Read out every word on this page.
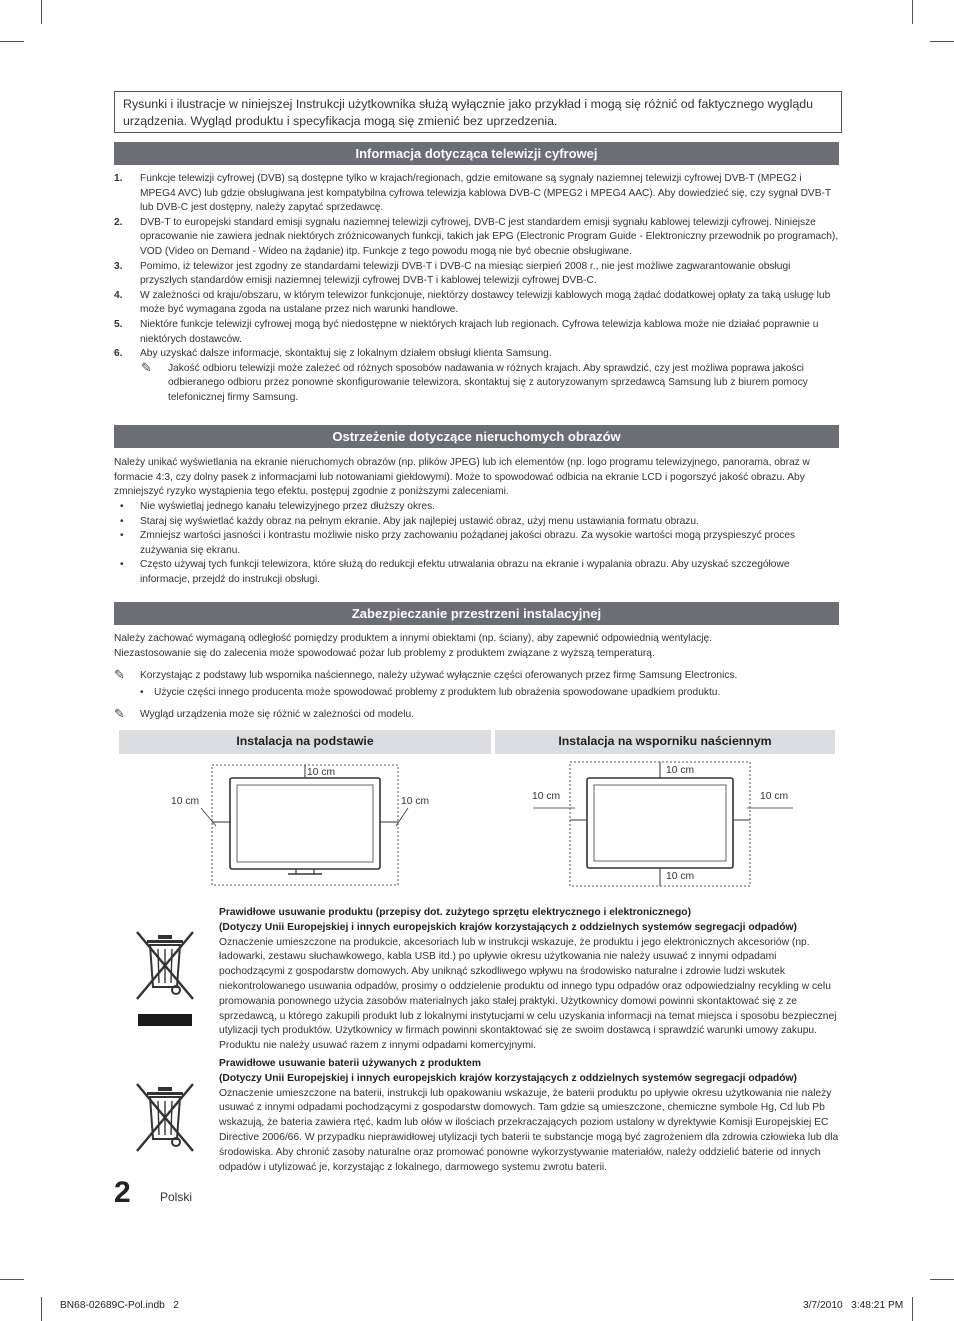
Rysunki i ilustracje w niniejszej Instrukcji użytkownika służą wyłącznie jako przykład i mogą się różnić od faktycznego wyglądu urządzenia. Wygląd produktu i specyfikacja mogą się zmienić bez uprzedzenia.
Informacja dotycząca telewizji cyfrowej
1. Funkcje telewizji cyfrowej (DVB) są dostępne tylko w krajach/regionach, gdzie emitowane są sygnały naziemnej telewizji cyfrowej DVB-T (MPEG2 i MPEG4 AVC) lub gdzie obsługiwana jest kompatybilna cyfrowa telewizja kablowa DVB-C (MPEG2 i MPEG4 AAC). Aby dowiedzieć się, czy sygnał DVB-T lub DVB-C jest dostępny, należy zapytać sprzedawcę.
2. DVB-T to europejski standard emisji sygnału naziemnej telewizji cyfrowej, DVB-C jest standardem emisji sygnału kablowej telewizji cyfrowej. Niniejsze opracowanie nie zawiera jednak niektórych zróżnicowanych funkcji, takich jak EPG (Electronic Program Guide - Elektroniczny przewodnik po programach), VOD (Video on Demand - Wideo na żądanie) itp. Funkcje z tego powodu mogą nie być obecnie obsługiwane.
3. Pomimo, iż telewizor jest zgodny ze standardami telewizji DVB-T i DVB-C na miesiąc sierpień 2008 r., nie jest możliwe zagwarantowanie obsługi przyszłych standardów emisji naziemnej telewizji cyfrowej DVB-T i kablowej telewizji cyfrowej DVB-C.
4. W zależności od kraju/obszaru, w którym telewizor funkcjonuje, niektórzy dostawcy telewizji kablowych mogą żądać dodatkowej opłaty za taką usługę lub może być wymagana zgoda na ustalane przez nich warunki handlowe.
5. Niektóre funkcje telewizji cyfrowej mogą być niedostępne w niektórych krajach lub regionach. Cyfrowa telewizja kablowa może nie działać poprawnie u niektórych dostawców.
6. Aby uzyskać dalsze informacje, skontaktuj się z lokalnym działem obsługi klienta Samsung.
✎ Jakość odbioru telewizji może zależeć od różnych sposobów nadawania w różnych krajach. Aby sprawdzić, czy jest możliwa poprawa jakości odbieranego odbioru przez ponowne skonfigurowanie telewizora, skontaktuj się z autoryzowanym sprzedawcą Samsung lub z biurem pomocy telefonicznej firmy Samsung.
Ostrzeżenie dotyczące nieruchomych obrazów
Należy unikać wyświetlania na ekranie nieruchomych obrazów (np. plików JPEG) lub ich elementów (np. logo programu telewizyjnego, panorama, obraz w formacie 4:3, czy dolny pasek z informacjami lub notowaniami giełdowymi). Może to spowodować odbicia na ekranie LCD i pogorszyć jakość obrazu. Aby zmniejszyć ryzyko wystąpienia tego efektu, postępuj zgodnie z poniższymi zaleceniami.
• Nie wyświetlaj jednego kanału telewizyjnego przez dłuższy okres.
• Staraj się wyświetlać każdy obraz na pełnym ekranie. Aby jak najlepiej ustawić obraz, użyj menu ustawiania formatu obrazu.
• Zmniejsz wartości jasności i kontrastu możliwie nisko przy zachowaniu pożądanej jakości obrazu. Za wysokie wartości mogą przyspieszyć proces zużywania się ekranu.
• Często używaj tych funkcji telewizora, które służą do redukcji efektu utrwalania obrazu na ekranie i wypalania obrazu. Aby uzyskać szczegółowe informacje, przejdź do instrukcji obsługi.
Zabezpieczanie przestrzeni instalacyjnej
Należy zachować wymaganą odległość pomiędzy produktem a innymi obiektami (np. ściany), aby zapewnić odpowiednią wentylację.
Niezastosowanie się do zalecenia może spowodować pożar lub problemy z produktem związane z wyższą temperaturą.
✎	Korzystając z podstawy lub wspornika naściennego, należy używać wyłącznie części oferowanych przez firmę Samsung Electronics.
• Użycie części innego producenta może spowodować problemy z produktem lub obrażenia spowodowane upadkiem produktu.
✎	Wygląd urządzenia może się różnić w zależności od modelu.
Instalacja na podstawie	Instalacja na wsporniku naściennym
10 cm
10 cm	10 cm
10 cm
10 cm	10 cm
10 cm
Prawidłowe usuwanie produktu (przepisy dot. zużytego sprzętu elektrycznego i elektronicznego)
(Dotyczy Unii Europejskiej i innych europejskich krajów korzystających z oddzielnych systemów segregacji odpadów)
Oznaczenie umieszczone na produkcie, akcesoriach lub w instrukcji wskazuje, że produktu i jego elektronicznych akcesoriów (np. ładowarki, zestawu słuchawkowego, kabla USB itd.) po upływie okresu użytkowania nie należy usuwać z innymi odpadami pochodzącymi z gospodarstw domowych. Aby uniknąć szkodliwego wpływu na środowisko naturalne i zdrowie ludzi wskutek niekontrolowanego usuwania odpadów, prosimy o oddzielenie produktu od innego typu odpadów oraz odpowiedzialny recykling w celu promowania ponownego użycia zasobów materialnych jako stałej praktyki. Użytkownicy domowi powinni skontaktować się z ze sprzedawcą, u którego zakupili produkt lub z lokalnymi instytucjami w celu uzyskania informacji na temat miejsca i sposobu bezpiecznej utylizacji tych produktów. Użytkownicy w firmach powinni skontaktować się ze swoim dostawcą i sprawdzić warunki umowy zakupu. Produktu nie należy usuwać razem z innymi odpadami komercyjnymi.
Prawidłowe usuwanie baterii używanych z produktem
(Dotyczy Unii Europejskiej i innych europejskich krajów korzystających z oddzielnych systemów segregacji odpadów)
Oznaczenie umieszczone na baterii, instrukcji lub opakowaniu wskazuje, że baterii produktu po upływie okresu użytkowania nie należy usuwać z innymi odpadami pochodzącymi z gospodarstw domowych. Tam gdzie są umieszczone, chemiczne symbole Hg, Cd lub Pb wskazują, że bateria zawiera rtęć, kadm lub ołów w ilościach przekraczających poziom ustalony w dyrektywie Komisji Europejskiej EC Directive 2006/66. W przypadku nieprawidłowej utylizacji tych baterii te substancje mogą być zagrożeniem dla zdrowia człowieka lub dla środowiska. Aby chronić zasoby naturalne oraz promować ponowne wykorzystywanie materiałów, należy oddzielić baterie od innych odpadów i utylizować je, korzystając z lokalnego, darmowego systemu zwrotu baterii.
2 Polski
BN68-02689C-Pol.indb   2	3/7/2010   3:48:21 PM
